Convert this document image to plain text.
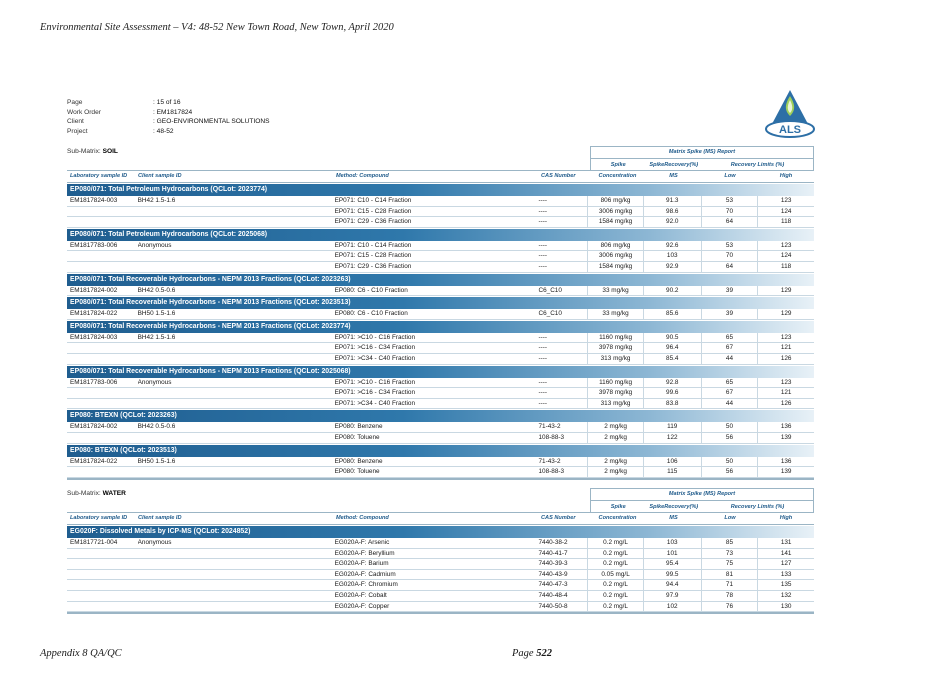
Environmental Site Assessment – V4: 48-52 New Town Road, New Town, April 2020
Page	: 15 of 16
Work Order	: EM1817824
Client	: GEO-ENVIRONMENTAL SOLUTIONS
Project	: 48-52	ALS
Sub-Matrix: SOIL	Matrix Spike (MS) Report
Spike	SpikeRecovery(%)	Recovery Limits (%)
Laboratory sample ID	Client sample ID	Method: Compound	CAS Number	Concentration	MS	Low	High
EP080/071: Total Petroleum Hydrocarbons (QCLot: 2023774)
EM1817824-003	BH42 1.5-1.6	EP071: C10 - C14 Fraction	----	806 mg/kg	91.3	53	123
EP071: C15 - C28 Fraction	----	3006 mg/kg	98.6	70	124
EP071: C29 - C36 Fraction	----	1584 mg/kg	92.0	64	118
EP080/071: Total Petroleum Hydrocarbons (QCLot: 2025068)
EM1817783-006	Anonymous	EP071: C10 - C14 Fraction	----	806 mg/kg	92.6	53	123
EP071: C15 - C28 Fraction	----	3006 mg/kg	103	70	124
EP071: C29 - C36 Fraction	----	1584 mg/kg	92.9	64	118
EP080/071: Total Recoverable Hydrocarbons - NEPM 2013 Fractions (QCLot: 2023263)
EM1817824-002	BH42 0.5-0.6	EP080: C6 - C10 Fraction	C6_C10	33 mg/kg	90.2	39	129
EP080/071: Total Recoverable Hydrocarbons - NEPM 2013 Fractions (QCLot: 2023513)
EM1817824-022	BH50 1.5-1.6	EP080: C6 - C10 Fraction	C6_C10	33 mg/kg	85.6	39	129
EP080/071: Total Recoverable Hydrocarbons - NEPM 2013 Fractions (QCLot: 2023774)
EM1817824-003	BH42 1.5-1.6	EP071: >C10 - C16 Fraction	----	1160 mg/kg	90.5	65	123
EP071: >C16 - C34 Fraction	----	3978 mg/kg	96.4	67	121
EP071: >C34 - C40 Fraction	----	313 mg/kg	85.4	44	126
EP080/071: Total Recoverable Hydrocarbons - NEPM 2013 Fractions (QCLot: 2025068)
EM1817783-006	Anonymous	EP071: >C10 - C16 Fraction	----	1160 mg/kg	92.8	65	123
EP071: >C16 - C34 Fraction	----	3978 mg/kg	99.6	67	121
EP071: >C34 - C40 Fraction	----	313 mg/kg	83.8	44	126
EP080: BTEXN (QCLot: 2023263)
EM1817824-002	BH42 0.5-0.6	EP080: Benzene	71-43-2	2 mg/kg	119	50	136
EP080: Toluene	108-88-3	2 mg/kg	122	56	139
EP080: BTEXN (QCLot: 2023513)
EM1817824-022	BH50 1.5-1.6	EP080: Benzene	71-43-2	2 mg/kg	106	50	136
EP080: Toluene	108-88-3	2 mg/kg	115	56	139
Sub-Matrix: WATER	Matrix Spike (MS) Report
Spike	SpikeRecovery(%)	Recovery Limits (%)
Laboratory sample ID	Client sample ID	Method: Compound	CAS Number	Concentration	MS	Low	High
EG020F: Dissolved Metals by ICP-MS (QCLot: 2024852)
EM1817721-004	Anonymous	EG020A-F: Arsenic	7440-38-2	0.2 mg/L	103	85	131
EG020A-F: Beryllium	7440-41-7	0.2 mg/L	101	73	141
EG020A-F: Barium	7440-39-3	0.2 mg/L	95.4	75	127
EG020A-F: Cadmium	7440-43-9	0.05 mg/L	99.5	81	133
EG020A-F: Chromium	7440-47-3	0.2 mg/L	94.4	71	135
EG020A-F: Cobalt	7440-48-4	0.2 mg/L	97.9	78	132
EG020A-F: Copper	7440-50-8	0.2 mg/L	102	76	130
Appendix 8 QA/QC	Page 522
